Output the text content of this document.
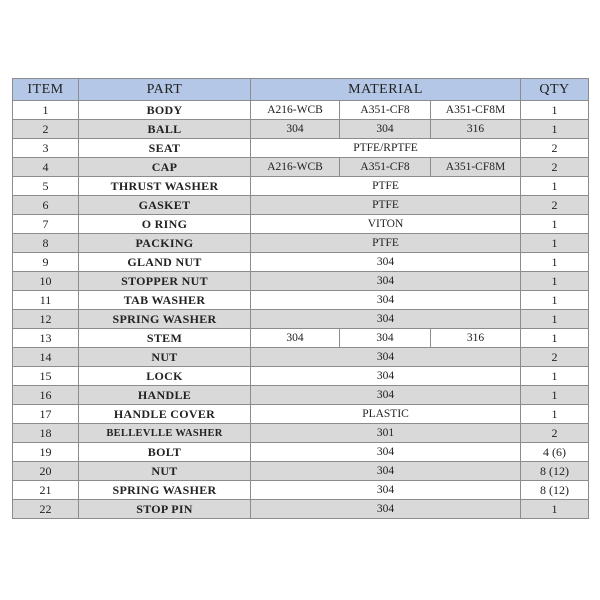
ITEM	PART	MATERIAL			QTY
1	BODY	A216-WCB	A351-CF8	A351-CF8M	1
2	BALL	304	304	316	1
3	SEAT	PTFE/RPTFE			2
4	CAP	A216-WCB	A351-CF8	A351-CF8M	2
5	THRUST WASHER	PTFE			1
6	GASKET	PTFE			2
7	O RING	VITON			1
8	PACKING	PTFE			1
9	GLAND NUT	304			1
10	STOPPER NUT	304			1
11	TAB WASHER	304			1
12	SPRING WASHER	304			1
13	STEM	304	304	316	1
14	NUT	304			2
15	LOCK	304			1
16	HANDLE	304			1
17	HANDLE COVER	PLASTIC			1
18	BELLEVLLE WASHER	301			2
19	BOLT	304			4 (6)
20	NUT	304			8 (12)
21	SPRING WASHER	304			8 (12)
22	STOP PIN	304			1
